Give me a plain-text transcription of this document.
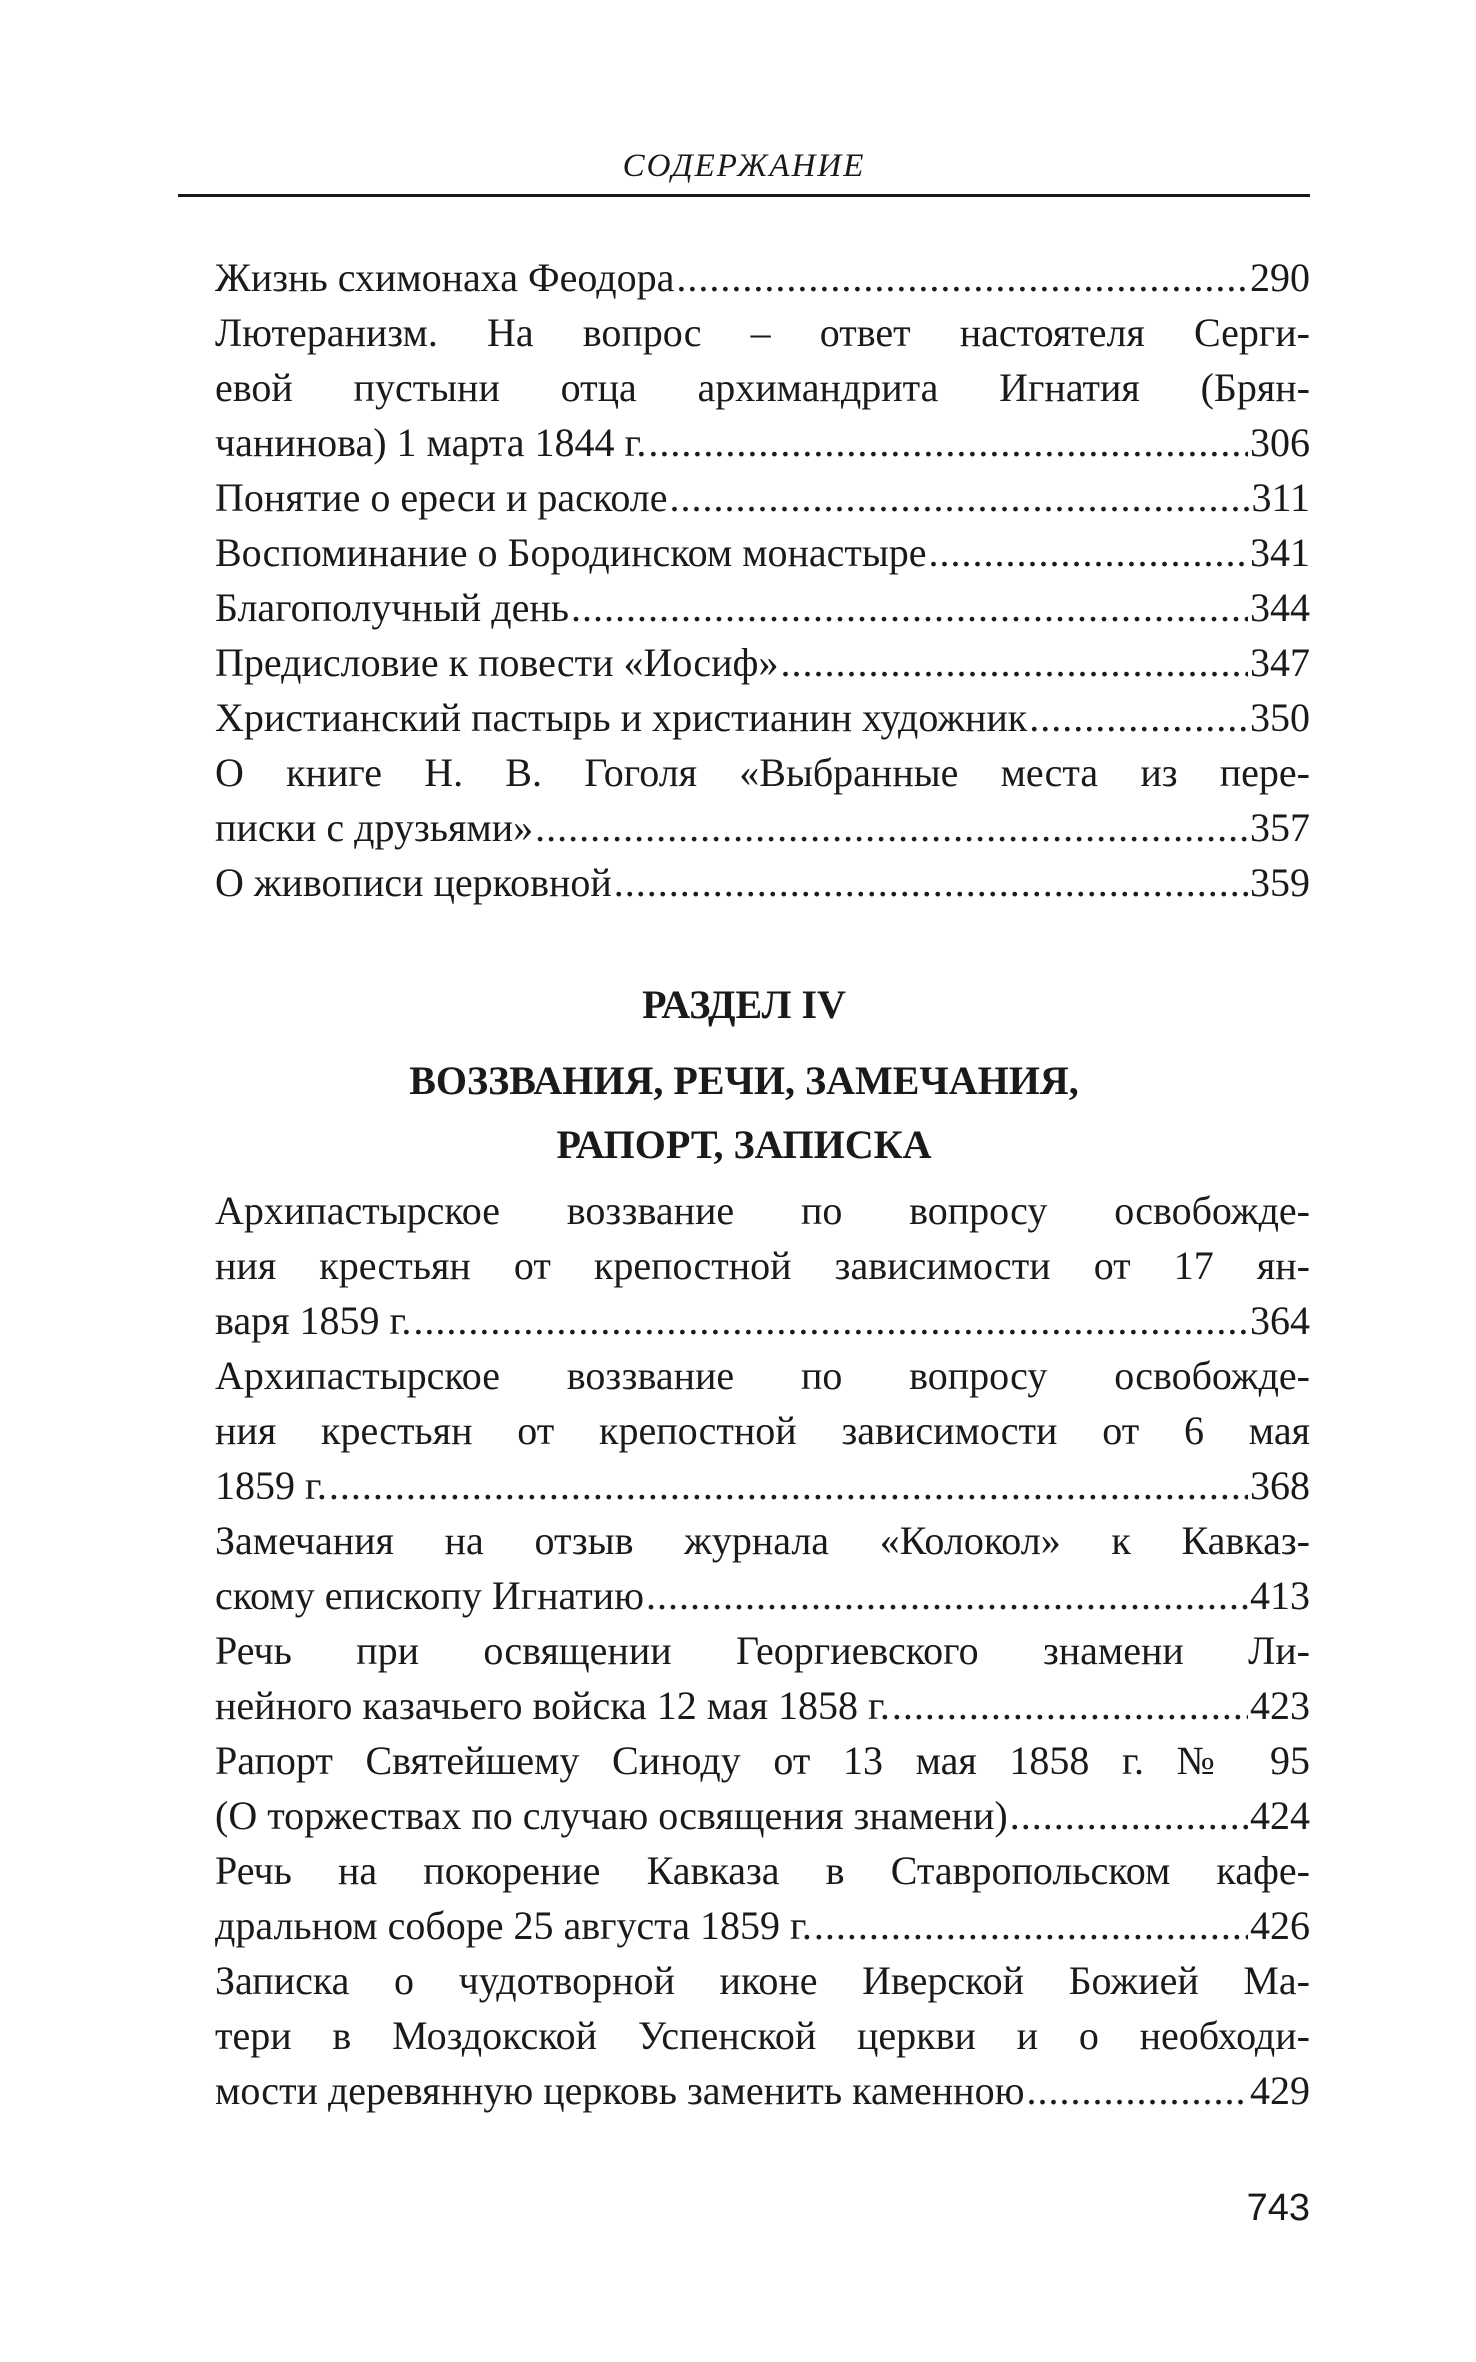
СОДЕРЖАНИЕ
Жизнь схимонаха Феодора .....	290
Лютеранизм. На вопрос – ответ настоятеля Серги-
евой пустыни отца архимандрита Игнатия (Брян-
чанинова) 1 марта 1844 г. .....	306
Понятие о ереси и расколе .....	311
Воспоминание о Бородинском монастыре .....	341
Благополучный день .....	344
Предисловие к повести «Иосиф» .....	347
Христианский пастырь и христианин художник .....	350
О книге Н. В. Гоголя «Выбранные места из пере-
писки с друзьями» .....	357
О живописи церковной .....	359
РАЗДЕЛ IV
ВОЗЗВАНИЯ, РЕЧИ, ЗАМЕЧАНИЯ,
РАПОРТ, ЗАПИСКА
Архипастырское воззвание по вопросу освобожде-
ния крестьян от крепостной зависимости от 17 ян-
варя 1859 г. .....	364
Архипастырское воззвание по вопросу освобожде-
ния крестьян от крепостной зависимости от 6 мая
1859 г. .....	368
Замечания на отзыв журнала «Колокол» к Кавказ-
скому епископу Игнатию .....	413
Речь при освящении Георгиевского знамени Ли-
нейного казачьего войска 12 мая 1858 г. .....	423
Рапорт Святейшему Синоду от 13 мая 1858 г. № 95
(О торжествах по случаю освящения знамени) .....	424
Речь на покорение Кавказа в Ставропольском кафе-
дральном соборе 25 августа 1859 г. .....	426
Записка о чудотворной иконе Иверской Божией Ма-
тери в Моздокской Успенской церкви и о необходи-
мости деревянную церковь заменить каменною .....	429
743
